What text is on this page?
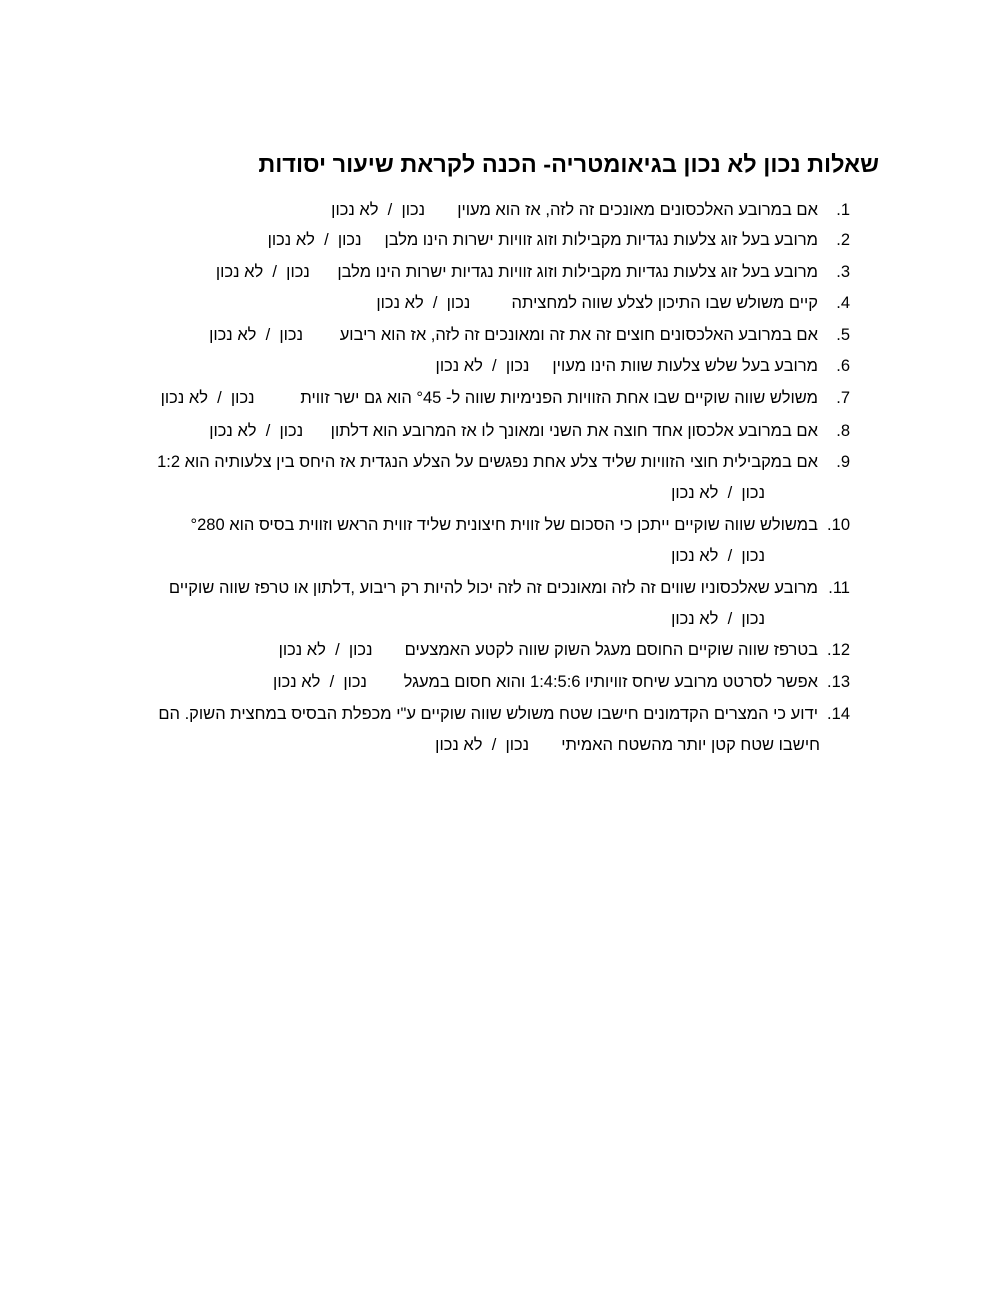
שאלות נכון לא נכון בגיאומטריה- הכנה לקראת שיעור יסודות
1.אם במרובע האלכסונים מאונכים זה לזה, אז הוא מעוין       נכון  /  לא נכון
2.מרובע בעל זוג צלעות נגדיות מקבילות וזוג זוויות ישרות הינו מלבן     נכון  /  לא נכון
3.מרובע בעל זוג צלעות נגדיות מקבילות וזוג זוויות נגדיות ישרות הינו מלבן      נכון  /  לא נכון
4.קיים משולש שבו התיכון לצלע שווה למחציתה         נכון  /  לא נכון
5.אם במרובע האלכסונים חוצים זה את זה ומאונכים זה לזה, אז הוא ריבוע        נכון  /  לא נכון
6.מרובע בעל שלש צלעות שוות הינו מעוין     נכון  /  לא נכון
7.משולש שווה שוקיים שבו אחת הזוויות הפנימיות שווה ל- °45 הוא גם ישר זווית          נכון  /  לא נכון
8.אם במרובע אלכסון אחד חוצה את השני ומאונך לו אז המרובע הוא דלתון      נכון  /  לא נכון
9.אם במקבילית חוצי הזוויות שליד צלע אחת נפגשים על הצלע הנגדית אז היחס בין צלעותיה הוא 1:2
נכון  /  לא נכון
10.במשולש שווה שוקיים ייתכן כי הסכום של זווית חיצונית שליד זווית הראש וזווית בסיס הוא °280
נכון  /  לא נכון
11.מרובע שאלכסוניו שווים זה לזה ומאונכים זה לזה יכול להיות רק ריבוע ,דלתון או טרפז שווה שוקיים
נכון  /  לא נכון
12.בטרפז שווה שוקיים החוסם מעגל השוק שווה לקטע האמצעים       נכון  /  לא נכון
13.אפשר לסרטט מרובע שיחס זוויותיו 1:4:5:6 והוא חסום במעגל        נכון  /  לא נכון
14.ידוע כי המצרים הקדמונים חישבו שטח משולש שווה שוקיים ע"י מכפלת הבסיס במחצית השוק. הם
חישבו שטח קטן יותר מהשטח האמיתי       נכון  /  לא נכון
